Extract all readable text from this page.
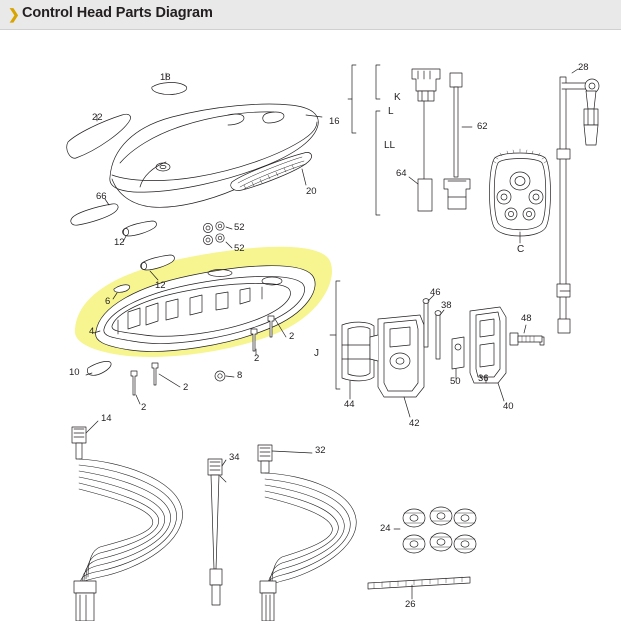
❯ Control Head Parts Diagram
18
22	16
K
L
LL
62
64
28
20
C
66
12
52
52
12
6
4	2
2
10
2
2
8
J
46
38
48
50 36
44
42
40
14
34
32
24
26
